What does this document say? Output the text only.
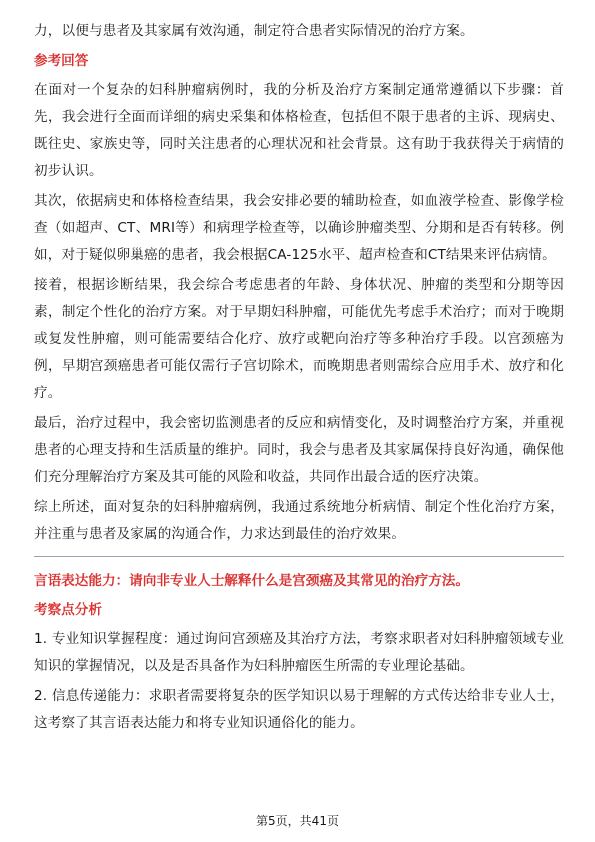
力，以便与患者及其家属有效沟通，制定符合患者实际情况的治疗方案。

参考回答

在面对一个复杂的妇科肿瘤病例时，我的分析及治疗方案制定通常遵循以下步骤：首先，我会进行全面而详细的病史采集和体格检查，包括但不限于患者的主诉、现病史、既往史、家族史等，同时关注患者的心理状况和社会背景。这有助于我获得关于病情的初步认识。

其次，依据病史和体格检查结果，我会安排必要的辅助检查，如血液学检查、影像学检查（如超声、CT、MRI等）和病理学检查等，以确诊肿瘤类型、分期和是否有转移。例如，对于疑似卵巢癌的患者，我会根据CA-125水平、超声检查和CT结果来评估病情。

接着，根据诊断结果，我会综合考虑患者的年龄、身体状况、肿瘤的类型和分期等因素，制定个性化的治疗方案。对于早期妇科肿瘤，可能优先考虑手术治疗；而对于晚期或复发性肿瘤，则可能需要结合化疗、放疗或靶向治疗等多种治疗手段。以宫颈癌为例，早期宫颈癌患者可能仅需行子宫切除术，而晚期患者则需综合应用手术、放疗和化疗。

最后，治疗过程中，我会密切监测患者的反应和病情变化，及时调整治疗方案，并重视患者的心理支持和生活质量的维护。同时，我会与患者及其家属保持良好沟通，确保他们充分理解治疗方案及其可能的风险和收益，共同作出最合适的医疗决策。

综上所述，面对复杂的妇科肿瘤病例，我通过系统地分析病情、制定个性化治疗方案，并注重与患者及家属的沟通合作，力求达到最佳的治疗效果。

言语表达能力：请向非专业人士解释什么是宫颈癌及其常见的治疗方法。
考察点分析

1. 专业知识掌握程度：通过询问宫颈癌及其治疗方法，考察求职者对妇科肿瘤领域专业知识的掌握情况，以及是否具备作为妇科肿瘤医生所需的专业理论基础。

2. 信息传递能力：求职者需要将复杂的医学知识以易于理解的方式传达给非专业人士，这考察了其言语表达能力和将专业知识通俗化的能力。

第5页，共41页
